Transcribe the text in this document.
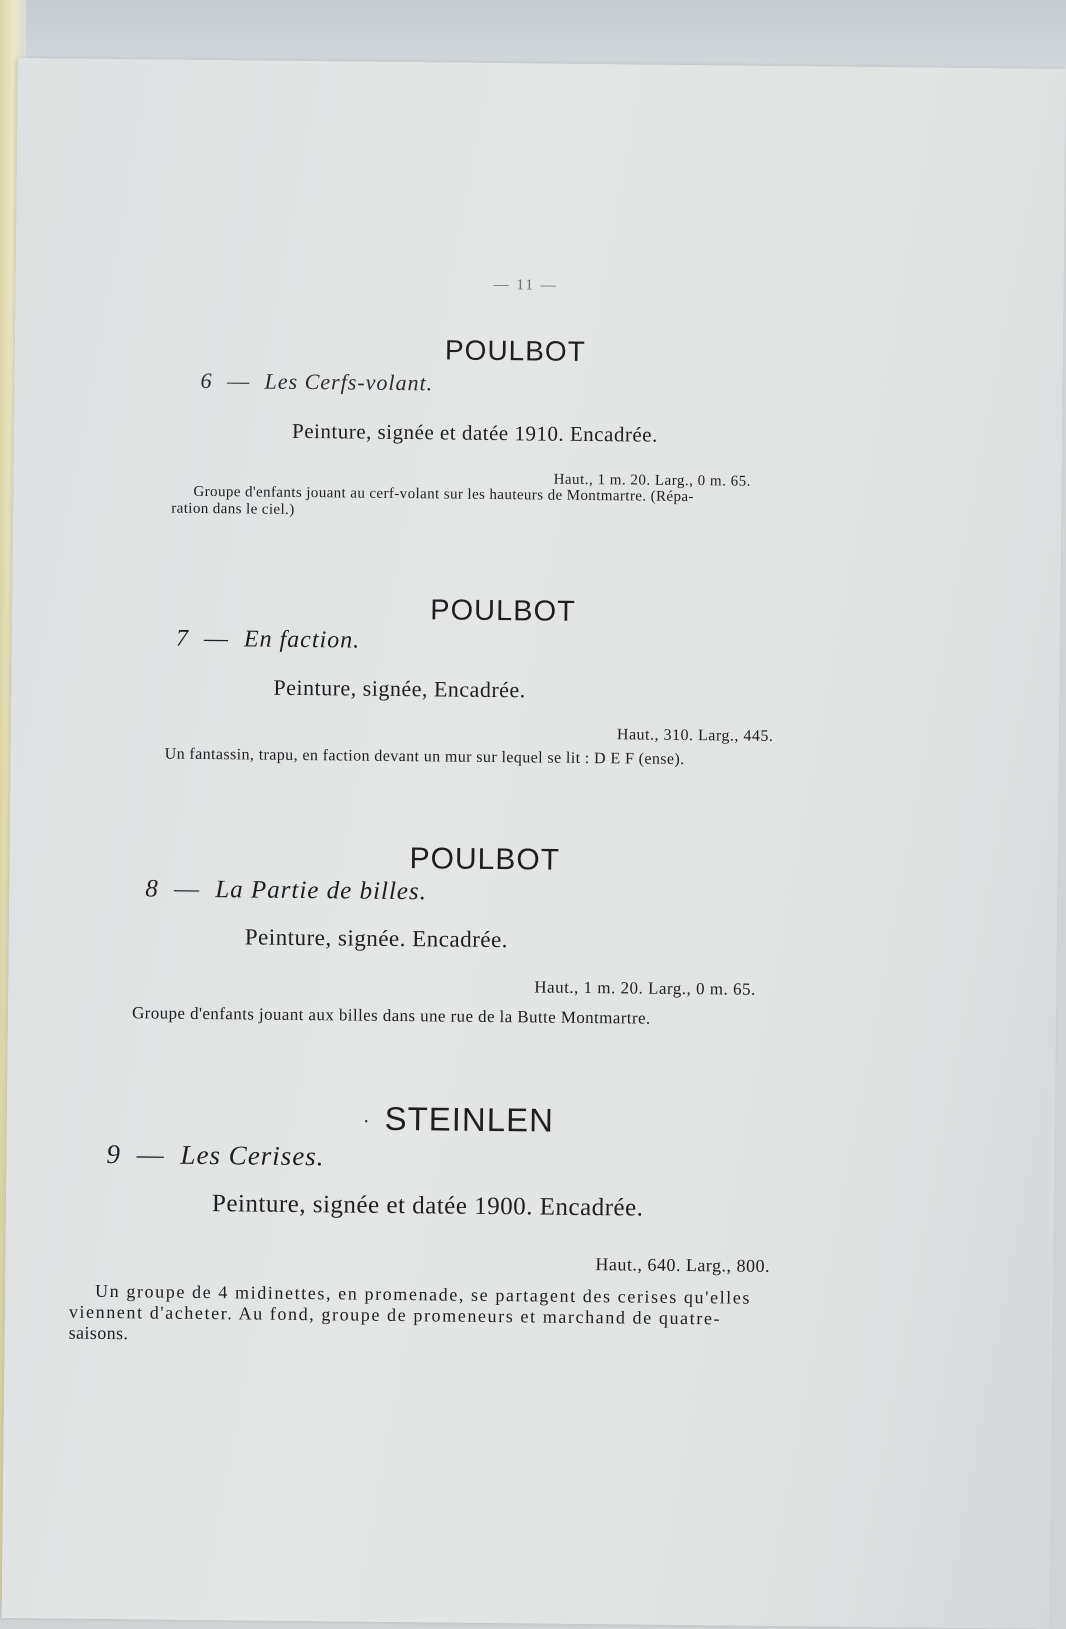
— 11 —
POULBOT
6 — Les Cerfs-volant.
Peinture, signée et datée 1910. Encadrée.
Haut., 1 m. 20. Larg., 0 m. 65.
Groupe d'enfants jouant au cerf-volant sur les hauteurs de Montmartre. (Répa-
ration dans le ciel.)
POULBOT
7 — En faction.
Peinture, signée, Encadrée.
Haut., 310. Larg., 445.
Un fantassin, trapu, en faction devant un mur sur lequel se lit : D E F (ense).
POULBOT
8 — La Partie de billes.
Peinture, signée. Encadrée.
Haut., 1 m. 20. Larg., 0 m. 65.
Groupe d'enfants jouant aux billes dans une rue de la Butte Montmartre.
· STEINLEN
9 — Les Cerises.
Peinture, signée et datée 1900. Encadrée.
Haut., 640. Larg., 800.
Un groupe de 4 midinettes, en promenade, se partagent des cerises qu'elles
viennent d'acheter. Au fond, groupe de promeneurs et marchand de quatre-
saisons.
